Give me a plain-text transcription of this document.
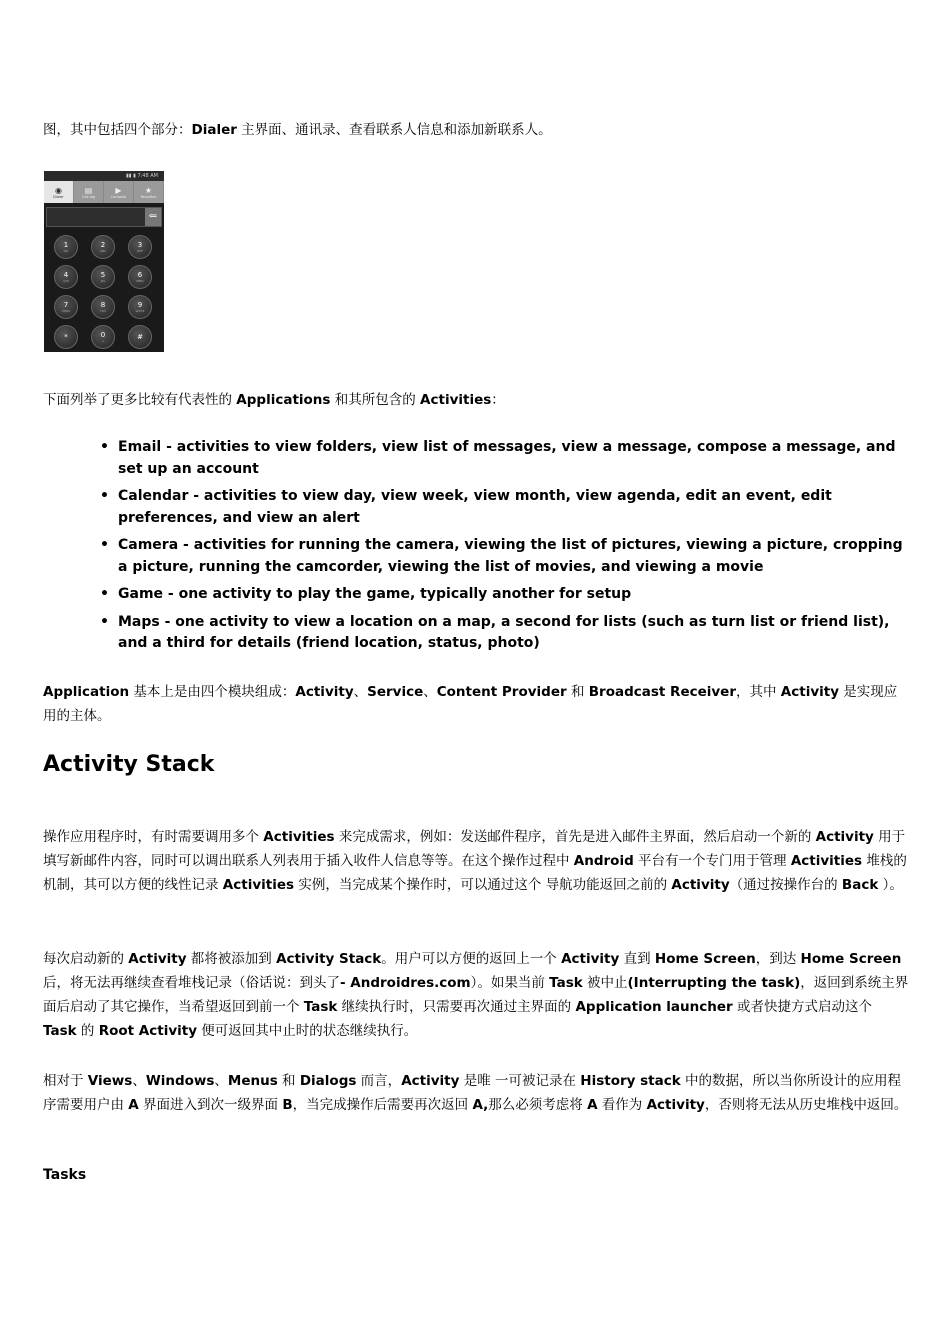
图，其中包括四个部分：Dialer 主界面、通讯录、查看联系人信息和添加新联系人。
▮▮ ▮ 7:48 AM
◉
Dialer
▤
Call log
▶
Contacts
★
Favorites
⇐
1
QO
2
ABC
3
DEF
4
GHI
5
JKL
6
MNO
7
PQRS
8
TUV
9
WXYZ
*	0
+	#
下面列举了更多比较有代表性的 Applications 和其所包含的 Activities：
• Email - activities to view folders, view list of messages, view a message, compose a message, and set up an account
• Calendar - activities to view day, view week, view month, view agenda, edit an event, edit preferences, and view an alert
• Camera - activities for running the camera, viewing the list of pictures, viewing a picture, cropping a picture, running the camcorder, viewing the list of movies, and viewing a movie
• Game - one activity to play the game, typically another for setup
• Maps - one activity to view a location on a map, a second for lists (such as turn list or friend list), and a third for details (friend location, status, photo)
Application 基本上是由四个模块组成：Activity、Service、Content Provider 和 Broadcast Receiver，其中 Activity 是实现应用的主体。
Activity Stack
操作应用程序时，有时需要调用多个 Activities 来完成需求，例如：发送邮件程序，首先是进入邮件主界面，然后启动一个新的 Activity 用于填写新邮件内容，同时可以调出联系人列表用于插入收件人信息等等。在这个操作过程中 Android 平台有一个专门用于管理 Activities 堆栈的机制，其可以方便的线性记录 Activities 实例，当完成某个操作时，可以通过这个 导航功能返回之前的 Activity（通过按操作台的 Back ）。
每次启动新的 Activity 都将被添加到 Activity Stack。用户可以方便的返回上一个 Activity 直到 Home Screen，到达 Home Screen 后，将无法再继续查看堆栈记录（俗话说：到头了- Androidres.com）。如果当前 Task 被中止(Interrupting the task)，返回到系统主界面后启动了其它操作，当希望返回到前一个 Task 继续执行时，只需要再次通过主界面的 Application launcher 或者快捷方式启动这个 Task 的 Root Activity 便可返回其中止时的状态继续执行。
相对于 Views、Windows、Menus 和 Dialogs 而言，Activity 是唯 一可被记录在 History stack 中的数据，所以当你所设计的应用程序需要用户由 A 界面进入到次一级界面 B，当完成操作后需要再次返回 A,那么必须考虑将 A 看作为 Activity，否则将无法从历史堆栈中返回。
Tasks
